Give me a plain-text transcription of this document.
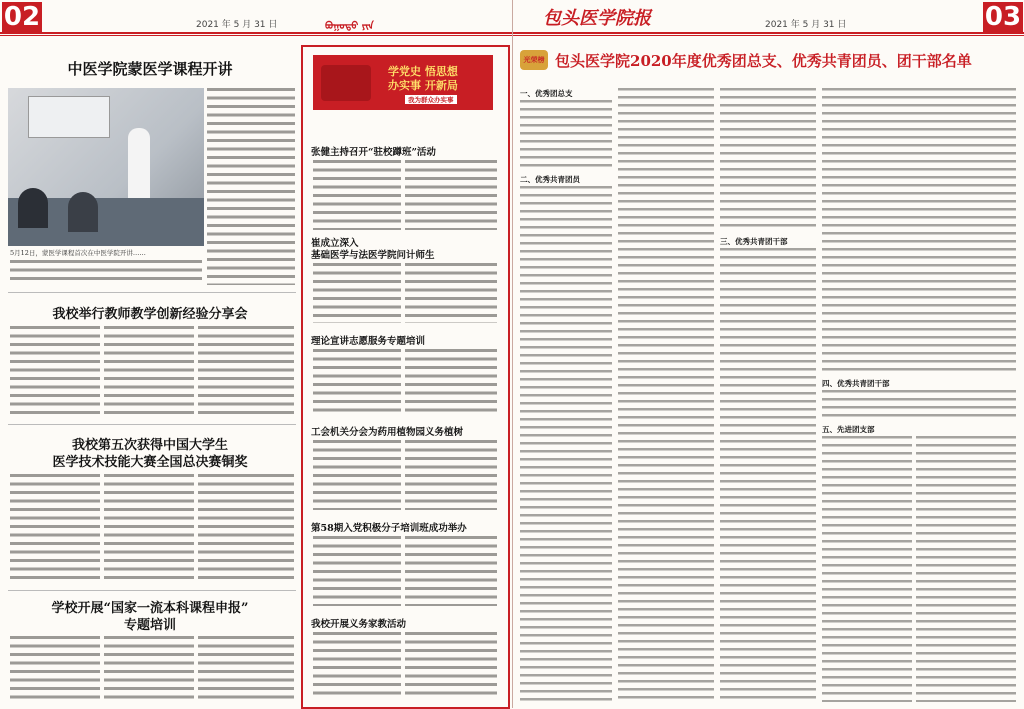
02	2021 年 5 月 31 日	ᠪᠣᠭᠣᠲᠣ ᠶᠢᠨ
中医学院蒙医学课程开讲
5月12日，蒙医学课程首次在中医学院开讲……
我校举行教师教学创新经验分享会
我校第五次获得中国大学生
医学技术技能大赛全国总决赛铜奖
学校开展“国家一流本科课程申报”
专题培训
学党史 悟思想
办实事 开新局
我为群众办实事
张健主持召开“驻校蹲班”活动
崔成立深入
基础医学与法医学院问计师生
理论宣讲志愿服务专题培训
工会机关分会为药用植物园义务植树
第58期入党积极分子培训班成功举办
我校开展义务家教活动
包头医学院报	2021 年 5 月 31 日	03
光荣榜 包头医学院2020年度优秀团总支、优秀共青团员、团干部名单
一、优秀团总支
二、优秀共青团员
三、优秀共青团干部
四、优秀共青团干部
五、先进团支部
